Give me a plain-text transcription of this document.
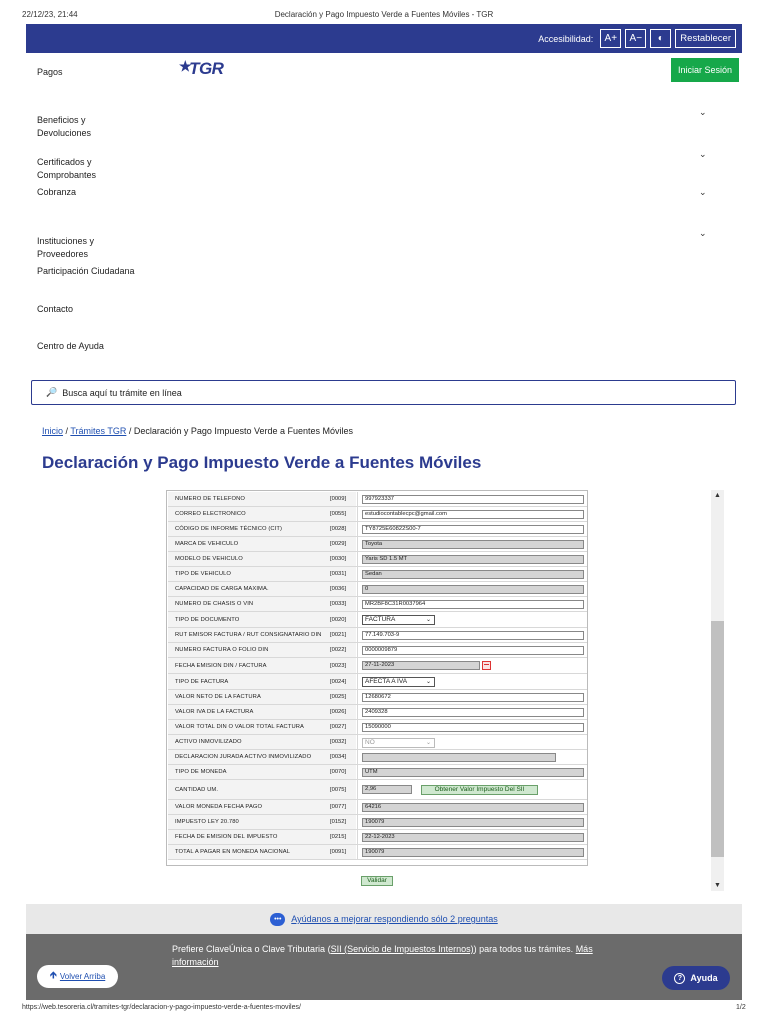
22/12/23, 21:44	Declaración y Pago Impuesto Verde a Fuentes Móviles - TGR
Accesibilidad:	A+	A−	◐	Restablecer
★TGR	Iniciar Sesión
Pagos

Beneficios y
Devoluciones

⌄

Certificados y
Comprobantes

⌄

Cobranza	⌄

Instituciones y
Proveedores

⌄

Participación Ciudadana
Contacto
Centro de Ayuda
🔎 Busca aquí tu trámite en línea
Inicio / Trámites TGR / Declaración y Pago Impuesto Verde a Fuentes Móviles
Declaración y Pago Impuesto Verde a Fuentes Móviles
NUMERO DE TELEFONO	[0009]	997923337
CORREO ELECTRONICO	[0055]	estudiocontablecpc@gmail.com
CÓDIGO DE INFORME TÉCNICO (CIT)	[0028]	TY8725E60822S00-7
MARCA DE VEHICULO	[0029]	Toyota
MODELO DE VEHICULO	[0030]	Yaris SD 1.5 MT
TIPO DE VEHICULO	[0031]	Sedan
CAPACIDAD DE CARGA MAXIMA.	[0036]	0
NUMERO DE CHASIS O VIN	[0033]	MR2BF8C31R0037964
TIPO DE DOCUMENTO	[0020]	FACTURA	⌄
RUT EMISOR FACTURA / RUT CONSIGNATARIO DIN [0021]	77.149.703-9
NUMERO FACTURA O FOLIO DIN	[0022]	0000009879
FECHA EMISION DIN / FACTURA	[0023]	27-11-2023
TIPO DE FACTURA	[0024]	AFECTA A IVA	⌄
VALOR NETO DE LA FACTURA	[0025]	12680672
VALOR IVA DE LA FACTURA	[0026]	2409328
VALOR TOTAL DIN O VALOR TOTAL FACTURA	[0027]	15090000
ACTIVO INMOVILIZADO	[0032]	NO	⌄
DECLARACION JURADA ACTIVO INMOVILIZADO	[0034]
TIPO DE MONEDA	[0070]	UTM
CANTIDAD UM.	[0075]	2,96	Obtener Valor Impuesto Del SII
VALOR MONEDA FECHA PAGO	[0077]	64216
IMPUESTO LEY 20.780	[0152]	190079
FECHA DE EMISION DEL IMPUESTO	[0215]	22-12-2023
TOTAL A PAGAR EN MONEDA NACIONAL	[0091]	190079
Validar
▲
▼
•••	Ayúdanos a mejorar respondiendo sólo 2 preguntas
Prefiere ClaveÚnica o Clave Tributaria (SII (Servicio de Impuestos Internos)) para todos tus trámites. Más información
🡹 Volver Arriba	? Ayuda
https://web.tesoreria.cl/tramites-tgr/declaracion-y-pago-impuesto-verde-a-fuentes-moviles/	1/2
